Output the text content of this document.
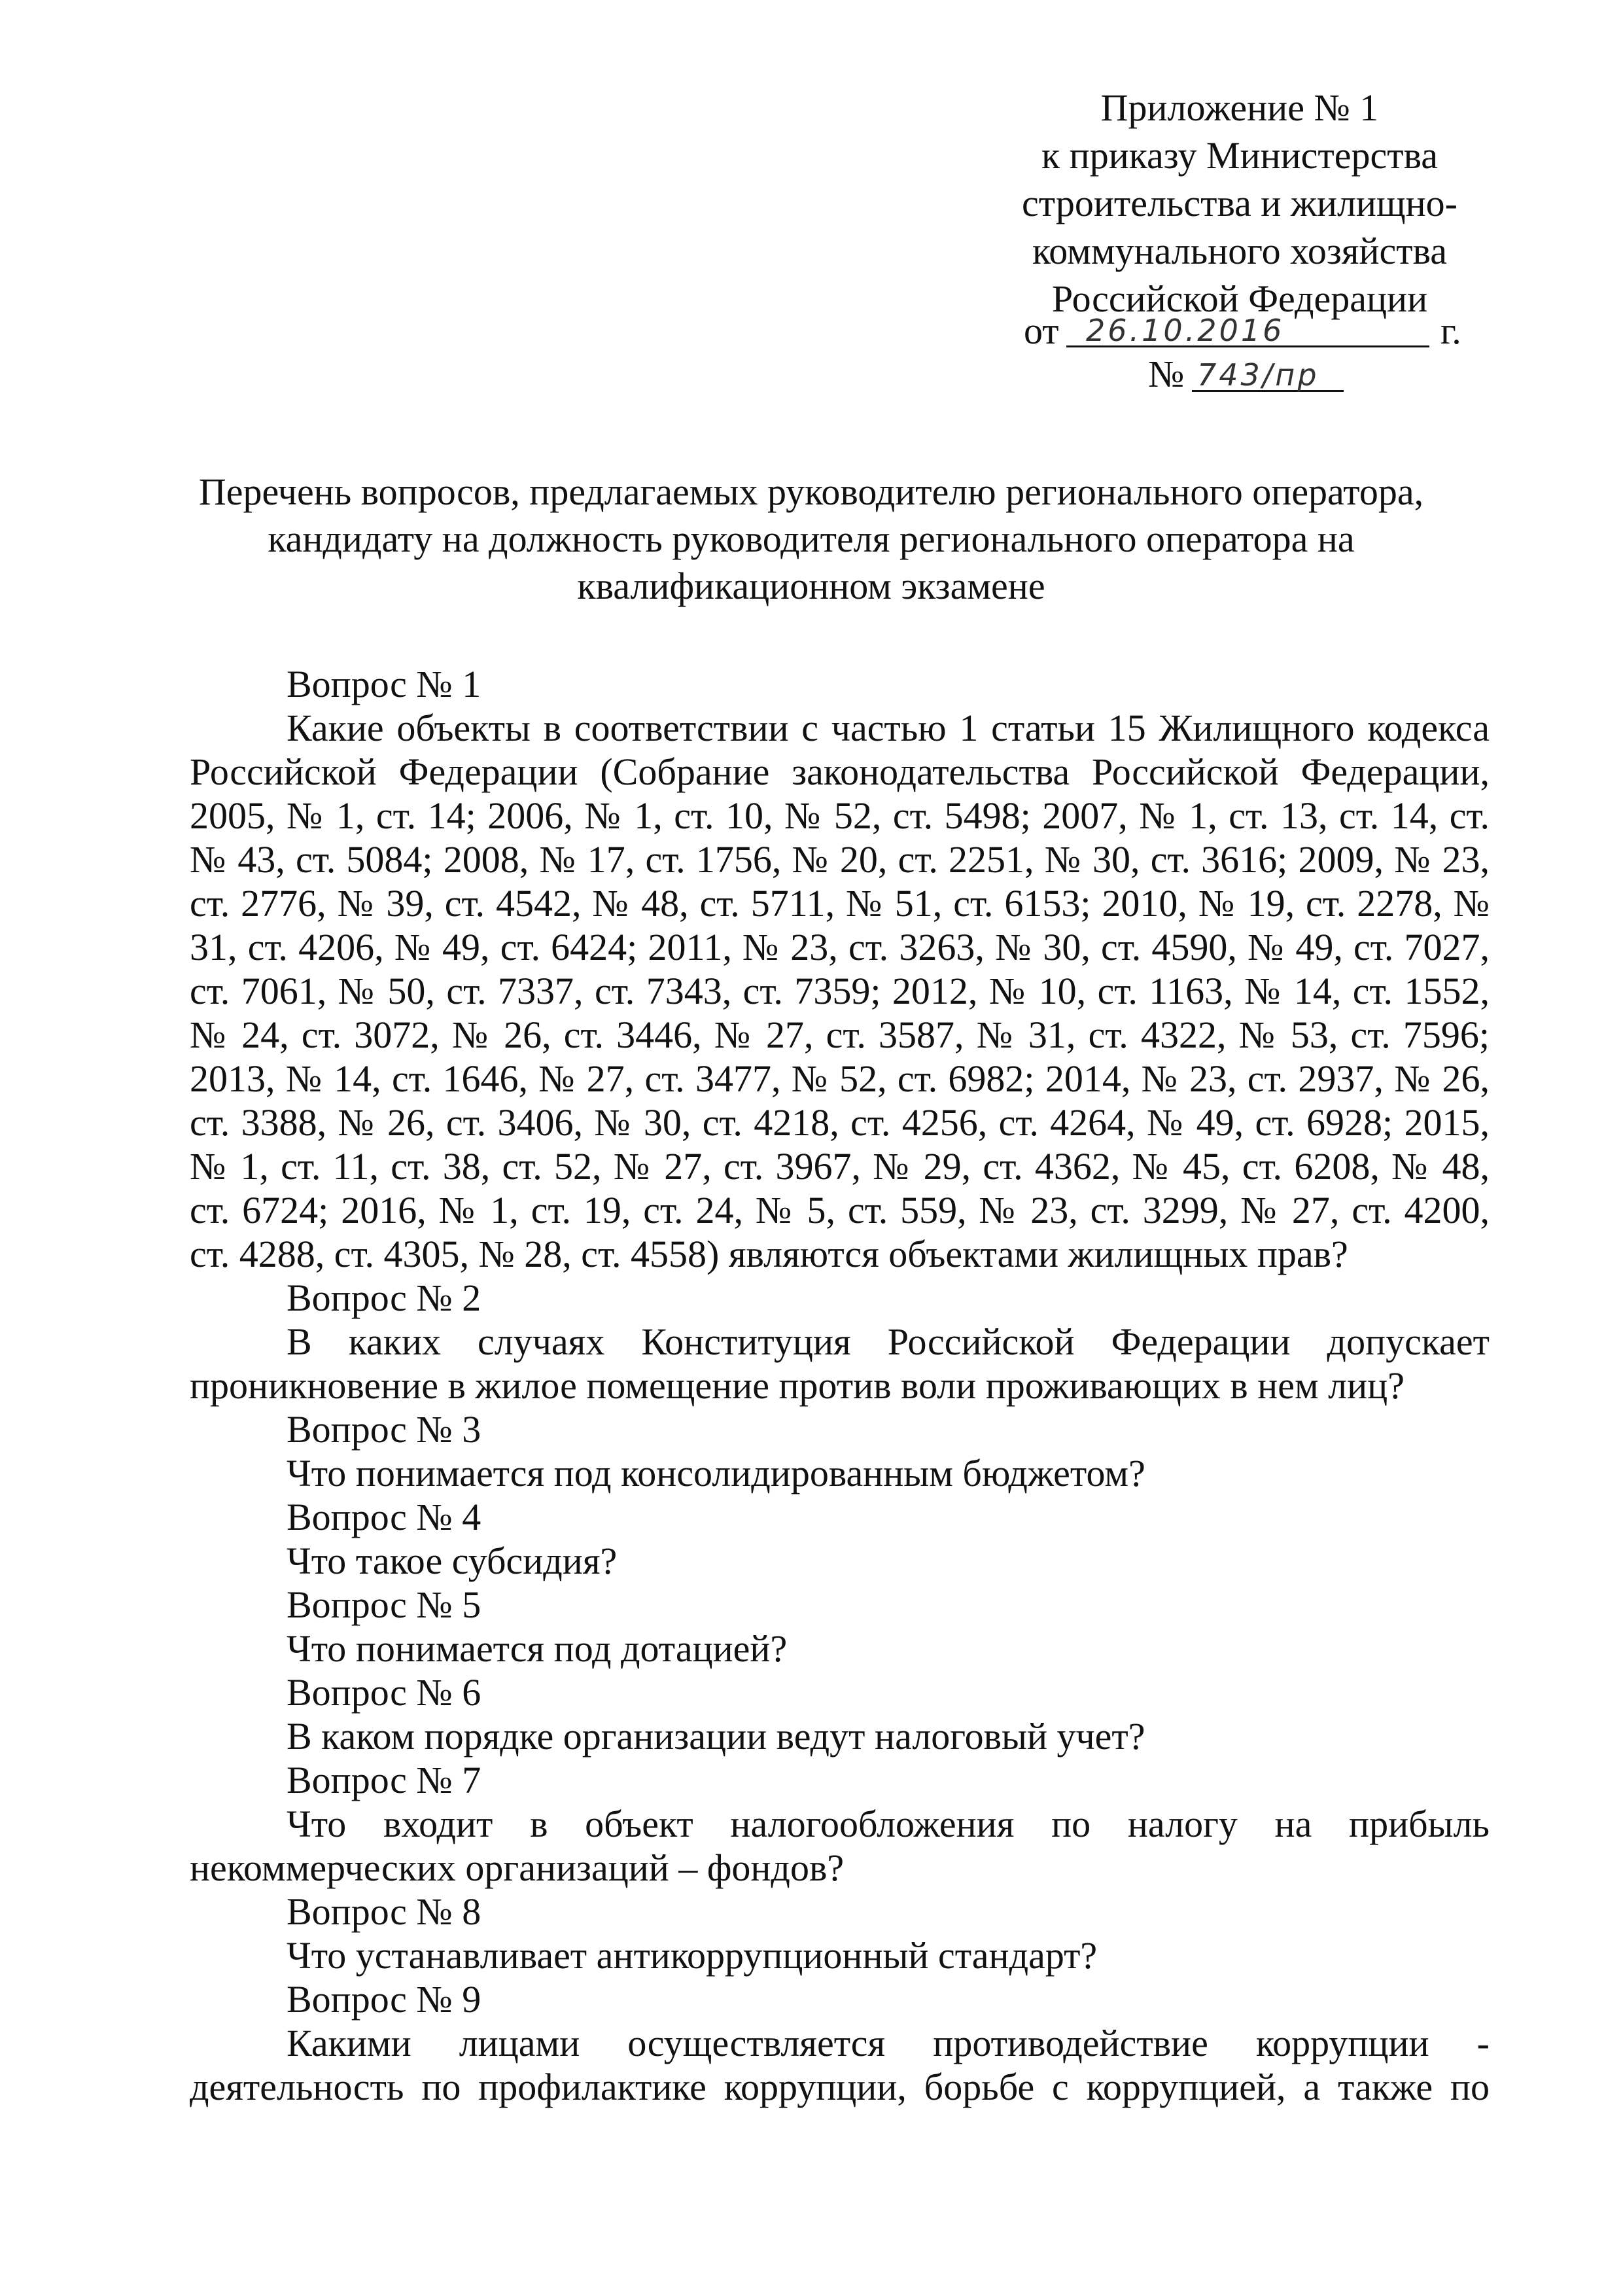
Приложение № 1
к приказу Министерства
строительства и жилищно-
коммунального хозяйства
Российской Федерации
от 26.10.2016	г.
№ 743/пр
Перечень вопросов, предлагаемых руководителю регионального оператора,
кандидату на должность руководителя регионального оператора на
квалификационном экзамене
Вопрос № 1
Какие объекты в соответствии с частью 1 статьи 15 Жилищного кодекса
Российской Федерации (Собрание законодательства Российской Федерации,
2005, № 1, ст. 14; 2006, № 1, ст. 10, № 52, ст. 5498; 2007, № 1, ст. 13, ст. 14, ст.
№ 43, ст. 5084; 2008, № 17, ст. 1756, № 20, ст. 2251, № 30, ст. 3616; 2009, № 23,
ст. 2776, № 39, ст. 4542, № 48, ст. 5711, № 51, ст. 6153; 2010, № 19, ст. 2278, №
31, ст. 4206, № 49, ст. 6424; 2011, № 23, ст. 3263, № 30, ст. 4590, № 49, ст. 7027,
ст. 7061, № 50, ст. 7337, ст. 7343, ст. 7359; 2012, № 10, ст. 1163, № 14, ст. 1552,
№ 24, ст. 3072, № 26, ст. 3446, № 27, ст. 3587, № 31, ст. 4322, № 53, ст. 7596;
2013, № 14, ст. 1646, № 27, ст. 3477, № 52, ст. 6982; 2014, № 23, ст. 2937, № 26,
ст. 3388, № 26, ст. 3406, № 30, ст. 4218, ст. 4256, ст. 4264, № 49, ст. 6928; 2015,
№ 1, ст. 11, ст. 38, ст. 52, № 27, ст. 3967, № 29, ст. 4362, № 45, ст. 6208, № 48,
ст. 6724; 2016, № 1, ст. 19, ст. 24, № 5, ст. 559, № 23, ст. 3299, № 27, ст. 4200,
ст. 4288, ст. 4305, № 28, ст. 4558) являются объектами жилищных прав?
Вопрос № 2
В каких случаях Конституция Российской Федерации допускает
проникновение в жилое помещение против воли проживающих в нем лиц?
Вопрос № 3
Что понимается под консолидированным бюджетом?
Вопрос № 4
Что такое субсидия?
Вопрос № 5
Что понимается под дотацией?
Вопрос № 6
В каком порядке организации ведут налоговый учет?
Вопрос № 7
Что входит в объект налогообложения по налогу на прибыль
некоммерческих организаций – фондов?
Вопрос № 8
Что устанавливает антикоррупционный стандарт?
Вопрос № 9
Какими лицами осуществляется противодействие коррупции -
деятельность по профилактике коррупции, борьбе с коррупцией, а также по
